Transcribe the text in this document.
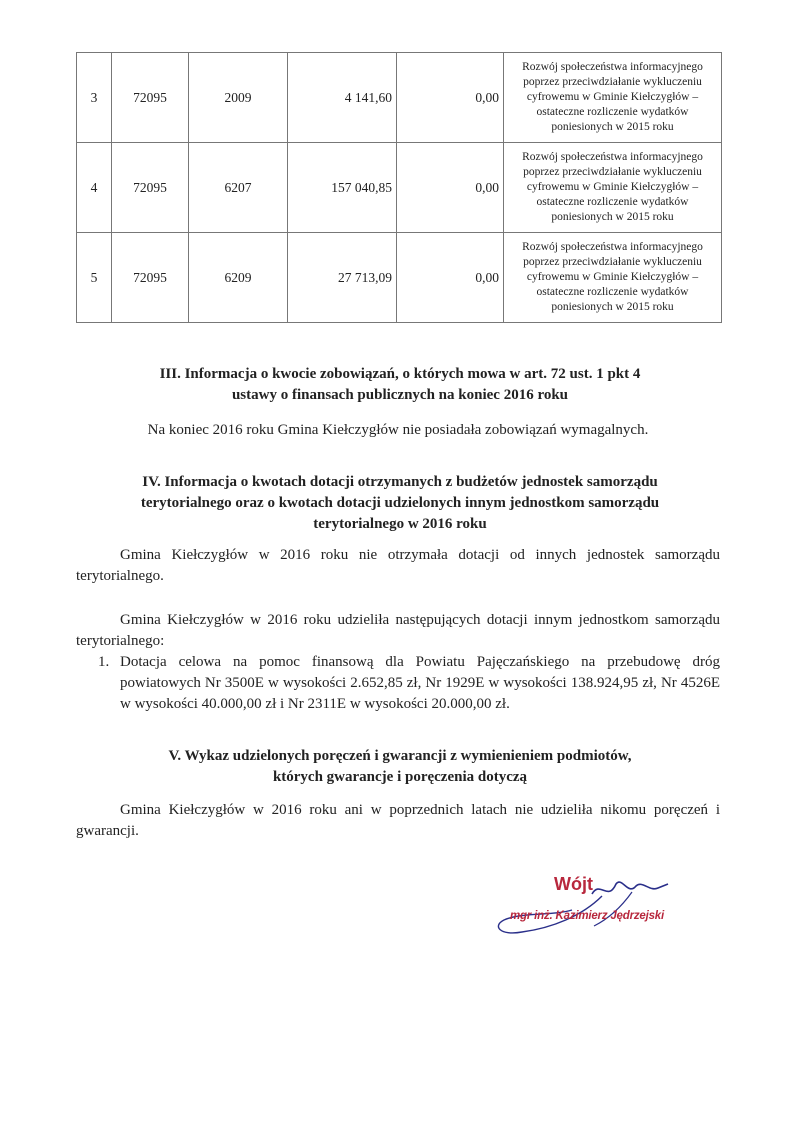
3	72095	2009	4 141,60	0,00	Rozwój społeczeństwa informacyjnego
poprzez przeciwdziałanie wykluczeniu
cyfrowemu w Gminie Kiełczygłów –
ostateczne rozliczenie wydatków
poniesionych w 2015 roku

4	72095	6207	157 040,85	0,00	Rozwój społeczeństwa informacyjnego
poprzez przeciwdziałanie wykluczeniu
cyfrowemu w Gminie Kiełczygłów –
ostateczne rozliczenie wydatków
poniesionych w 2015 roku

5	72095	6209	27 713,09	0,00	Rozwój społeczeństwa informacyjnego
poprzez przeciwdziałanie wykluczeniu
cyfrowemu w Gminie Kiełczygłów –
ostateczne rozliczenie wydatków
poniesionych w 2015 roku
III. Informacja o kwocie zobowiązań, o których mowa w art. 72 ust. 1 pkt 4
ustawy o finansach publicznych na koniec 2016 roku
Na koniec 2016 roku Gmina Kiełczygłów nie posiadała zobowiązań wymagalnych.
IV. Informacja o kwotach dotacji otrzymanych z budżetów jednostek samorządu
terytorialnego oraz o kwotach dotacji udzielonych innym jednostkom samorządu
terytorialnego w 2016 roku
Gmina Kiełczygłów w 2016 roku nie otrzymała dotacji od innych jednostek samorządu terytorialnego.
Gmina Kiełczygłów w 2016 roku udzieliła następujących dotacji innym jednostkom samorządu terytorialnego:
1. Dotacja celowa na pomoc finansową dla Powiatu Pajęczańskiego na przebudowę dróg powiatowych Nr 3500E w wysokości 2.652,85 zł, Nr 1929E w wysokości 138.924,95 zł, Nr 4526E w wysokości 40.000,00 zł i Nr 2311E w wysokości 20.000,00 zł.
V. Wykaz udzielonych poręczeń i gwarancji z wymienieniem podmiotów,
których gwarancje i poręczenia dotyczą
Gmina Kiełczygłów w 2016 roku ani w poprzednich latach nie udzieliła nikomu poręczeń i gwarancji.
Wójt
mgr inż. Kazimierz Jędrzejski
